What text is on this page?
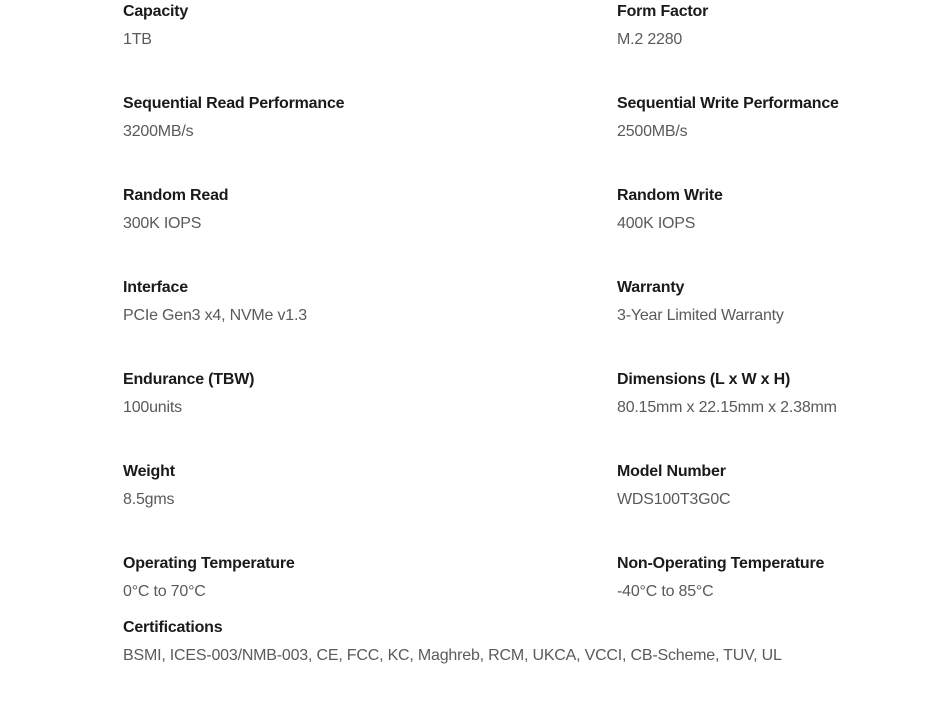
Capacity
1TB
Form Factor
M.2 2280
Sequential Read Performance
3200MB/s
Sequential Write Performance
2500MB/s
Random Read
300K IOPS
Random Write
400K IOPS
Interface
PCIe Gen3 x4, NVMe v1.3
Warranty
3-Year Limited Warranty
Endurance (TBW)
100units
Dimensions (L x W x H)
80.15mm x 22.15mm x 2.38mm
Weight
8.5gms
Model Number
WDS100T3G0C
Operating Temperature
0°C to 70°C
Non-Operating Temperature
-40°C to 85°C
Certifications
BSMI, ICES-003/NMB-003, CE, FCC, KC, Maghreb, RCM, UKCA, VCCI, CB-Scheme, TUV, UL
